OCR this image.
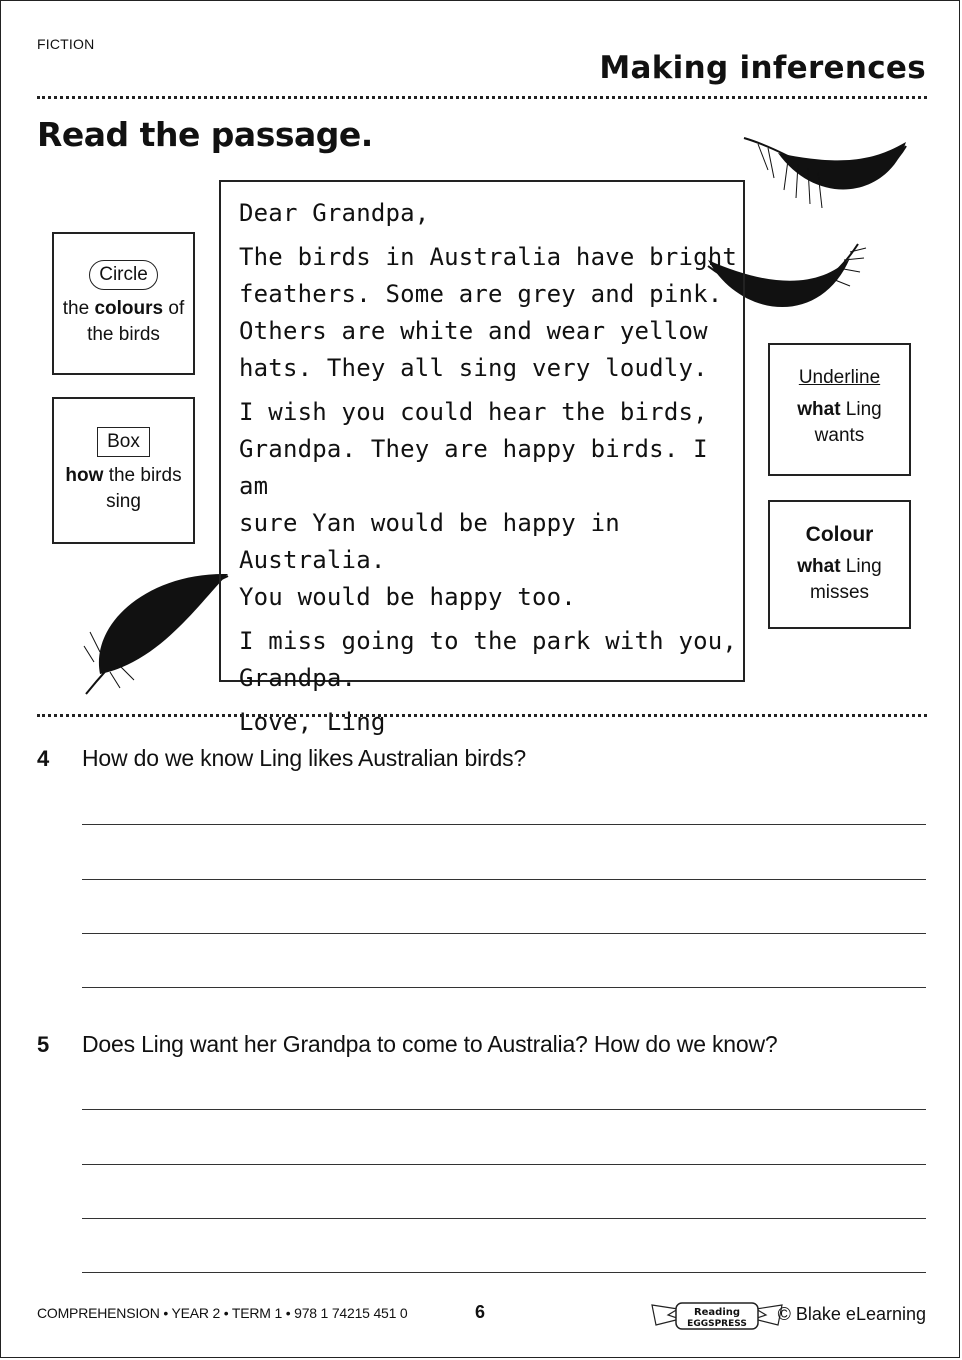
FICTION
Making inferences
Read the passage.

Dear Grandpa,

The birds in Australia have bright
feathers. Some are grey and pink.
Others are white and wear yellow
hats. They all sing very loudly.

I wish you could hear the birds,
Grandpa. They are happy birds. I am
sure Yan would be happy in Australia.
You would be happy too.

I miss going to the park with you,
Grandpa.

Love, Ling

Circle
the colours of the birds
Box
how the birds sing
Underline
what Ling wants
Colour
what Ling misses
4 How do we know Ling likes Australian birds?
5 Does Ling want her Grandpa to come to Australia? How do we know?
COMPREHENSION • YEAR 2 • TERM 1 • 978 1 74215 451 0	6	Reading
EGGSPRESS © Blake eLearning
